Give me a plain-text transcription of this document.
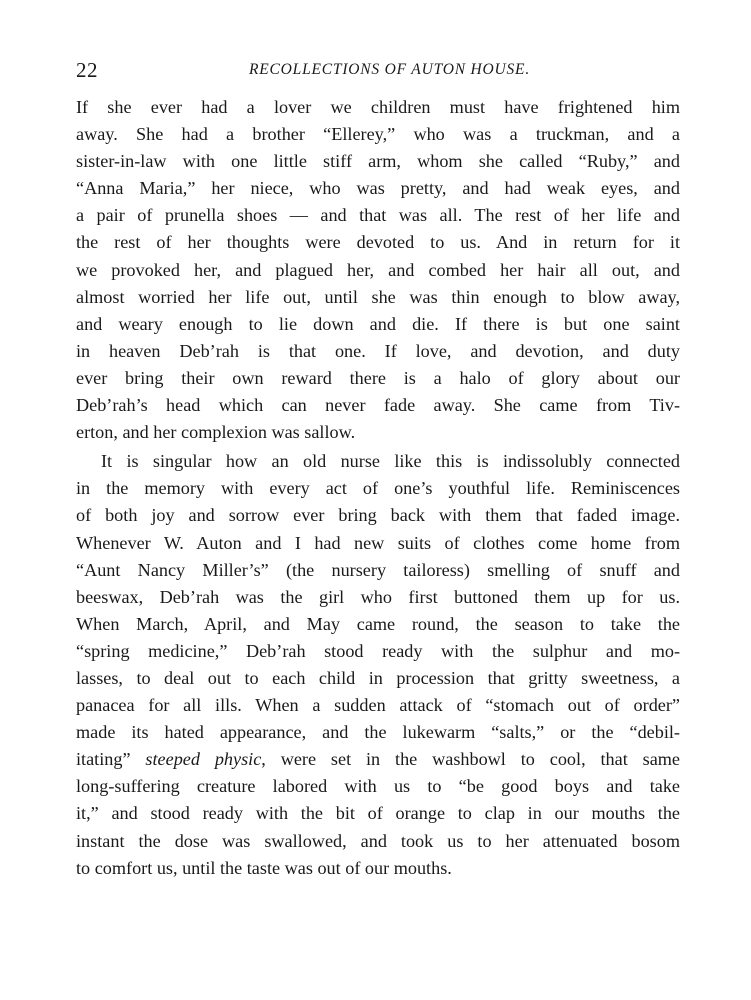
22	RECOLLECTIONS OF AUTON HOUSE.
If she ever had a lover we children must have frightened him
away. She had a brother “Ellerey,” who was a truckman, and a
sister-in-law with one little stiff arm, whom she called “Ruby,” and
“Anna Maria,” her niece, who was pretty, and had weak eyes, and
a pair of prunella shoes — and that was all. The rest of her life and
the rest of her thoughts were devoted to us. And in return for it
we provoked her, and plagued her, and combed her hair all out, and
almost worried her life out, until she was thin enough to blow away,
and weary enough to lie down and die. If there is but one saint
in heaven Deb’rah is that one. If love, and devotion, and duty
ever bring their own reward there is a halo of glory about our
Deb’rah’s head which can never fade away. She came from Tiv-
erton, and her complexion was sallow.
It is singular how an old nurse like this is indissolubly connected
in the memory with every act of one’s youthful life. Reminiscences
of both joy and sorrow ever bring back with them that faded image.
Whenever W. Auton and I had new suits of clothes come home from
“Aunt Nancy Miller’s” (the nursery tailoress) smelling of snuff and
beeswax, Deb’rah was the girl who first buttoned them up for us.
When March, April, and May came round, the season to take the
“spring medicine,” Deb’rah stood ready with the sulphur and mo-
lasses, to deal out to each child in procession that gritty sweetness, a
panacea for all ills. When a sudden attack of “stomach out of order”
made its hated appearance, and the lukewarm “salts,” or the “debil-
itating” steeped physic, were set in the washbowl to cool, that same
long-suffering creature labored with us to “be good boys and take
it,” and stood ready with the bit of orange to clap in our mouths the
instant the dose was swallowed, and took us to her attenuated bosom
to comfort us, until the taste was out of our mouths.
